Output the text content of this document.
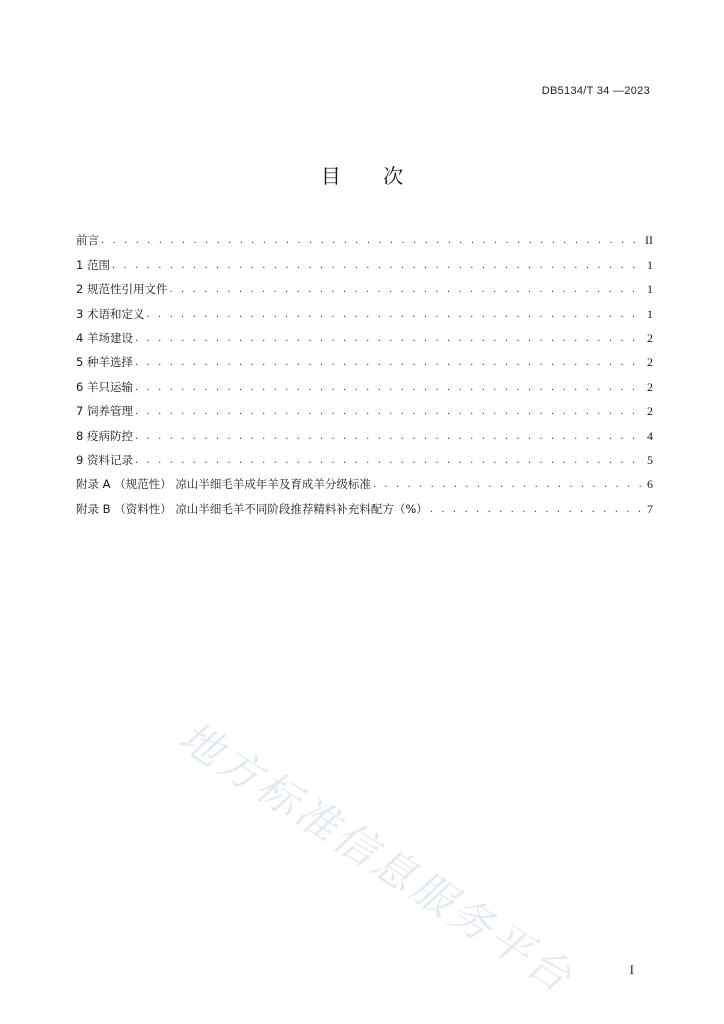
DB5134/T 34 —2023
目 次
前言 . . .	II
1 范围 . . .	1
2 规范性引用文件 . . .	1
3 术语和定义 . . .	1
4 羊场建设 . . .	2
5 种羊选择 . . .	2
6 羊只运输 . . .	2
7 饲养管理 . . .	2
8 疫病防控 . . .	4
9 资料记录 . . .	5
附录 A （规范性） 凉山半细毛羊成年羊及育成羊分级标准 . . .	6
附录 B （资料性） 凉山半细毛羊不同阶段推荐精料补充料配方（%） . . .	7
地方标准信息服务平台	I
